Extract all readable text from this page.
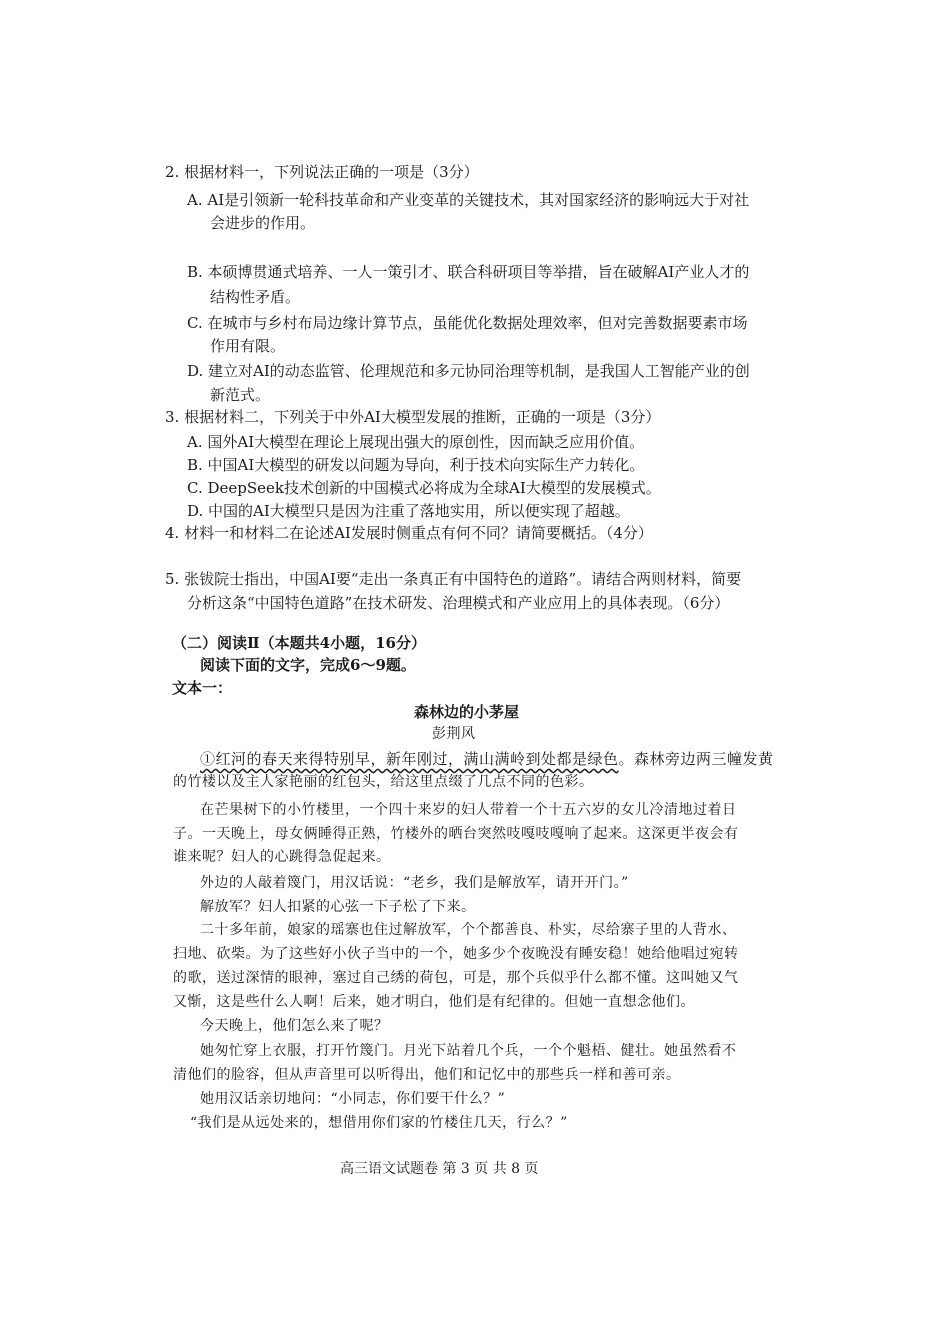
2. 根据材料一，下列说法正确的一项是（3分）
A. AI是引领新一轮科技革命和产业变革的关键技术，其对国家经济的影响远大于对社
会进步的作用。
B. 本硕博贯通式培养、一人一策引才、联合科研项目等举措，旨在破解AI产业人才的
结构性矛盾。
C. 在城市与乡村布局边缘计算节点，虽能优化数据处理效率，但对完善数据要素市场
作用有限。
D. 建立对AI的动态监管、伦理规范和多元协同治理等机制，是我国人工智能产业的创
新范式。
3. 根据材料二，下列关于中外AI大模型发展的推断，正确的一项是（3分）
A. 国外AI大模型在理论上展现出强大的原创性，因而缺乏应用价值。
B. 中国AI大模型的研发以问题为导向，利于技术向实际生产力转化。
C. DeepSeek技术创新的中国模式必将成为全球AI大模型的发展模式。
D. 中国的AI大模型只是因为注重了落地实用，所以便实现了超越。
4. 材料一和材料二在论述AI发展时侧重点有何不同？请简要概括。（4分）
5. 张钹院士指出，中国AI要“走出一条真正有中国特色的道路”。请结合两则材料，简要
分析这条“中国特色道路”在技术研发、治理模式和产业应用上的具体表现。（6分）
（二）阅读Ⅱ（本题共4小题，16分）
阅读下面的文字，完成6～9题。
文本一：
森林边的小茅屋
彭荆风
①红河的春天来得特别早，新年刚过，满山满岭到处都是绿色。森林旁边两三幢发黄
的竹楼以及主人家艳丽的红包头，给这里点缀了几点不同的色彩。
在芒果树下的小竹楼里，一个四十来岁的妇人带着一个十五六岁的女儿冷清地过着日
子。一天晚上，母女俩睡得正熟，竹楼外的晒台突然吱嘎吱嘎响了起来。这深更半夜会有
谁来呢？妇人的心跳得急促起来。
外边的人敲着篾门，用汉话说：“老乡，我们是解放军，请开开门。”
解放军？妇人扣紧的心弦一下子松了下来。
二十多年前，娘家的瑶寨也住过解放军，个个都善良、朴实，尽给寨子里的人背水、
扫地、砍柴。为了这些好小伙子当中的一个，她多少个夜晚没有睡安稳！她给他唱过宛转
的歌，送过深情的眼神，塞过自己绣的荷包，可是，那个兵似乎什么都不懂。这叫她又气
又惭，这是些什么人啊！后来，她才明白，他们是有纪律的。但她一直想念他们。
今天晚上，他们怎么来了呢？
她匆忙穿上衣服，打开竹篾门。月光下站着几个兵，一个个魁梧、健壮。她虽然看不
清他们的脸容，但从声音里可以听得出，他们和记忆中的那些兵一样和善可亲。
她用汉话亲切地问：“小同志，你们要干什么？”
“我们是从远处来的，想借用你们家的竹楼住几天，行么？”
高三语文试题卷 第 3 页 共 8 页
